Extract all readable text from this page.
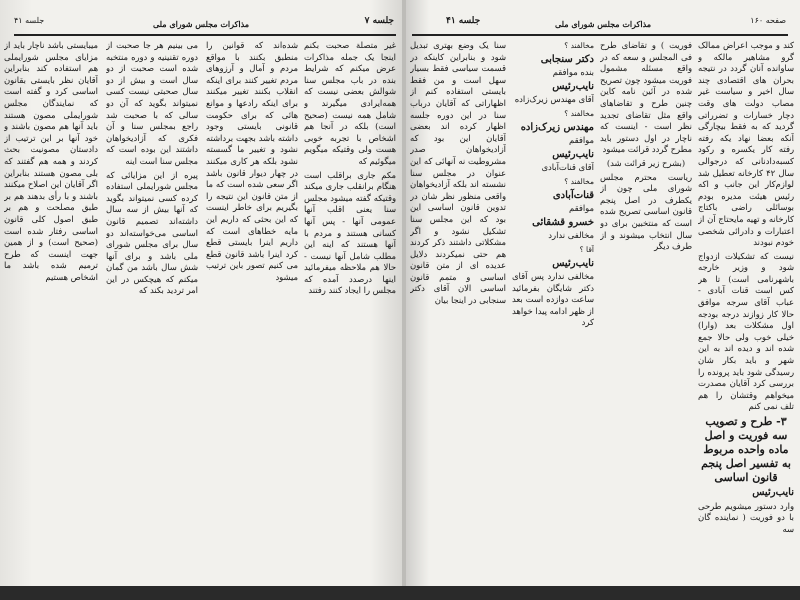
جلسه ۷
مذاکرات مجلس شورای ملی
جلسه ۴۱

غیر متصلة صحبت بکنم اینجا یک جمله مذاکرات عرض میکنم که شرایط بنده در باب مجلس سنا شوالش بعضی نیست که همه‌ایرادی میگیرند و شامل همه نیست (صحیح است) بلکه در آنجا هم اشخاص با تجربه خوبی هست ولی وقتیکه میگویم میگوئیم که

مکم جاری براقلب است هنگام برانقلب جاری میکند وقتیکه گفته میشود مجلس سنا یعنی اقلب آنها عمومی آنها - پس آنها کسانی هستند و مردم با آنها هستند که اینه این مطلب شامل آنها نیست - حالا هم ملاحظه میفرمائید اینها درصدد آمده که مجلس را ایجاد کنند رفتند

شده‌اند که قوانین را منطبق بکنند با مواقع مردم و آمال و آرزوهای مردم تغییر کنند برای اینکه انقلاب بکنند تغییر میکنند برای اینکه رادعها و موانع هائی که برای حکومت قانونی بایستی وجود داشته باشد بجهت برداشته نشود و تغییر ما گسسته نشود بلکه هر کاری میکنند در چهار دیوار قانون باشد اگر سعی شده است که ما از متن قانون این نتیجه را بگیریم برای خاطر اینست که این بحثی که داریم این مایه خطاهای است که داریم اینرا بایستی قطع کرد اینرا باشد قانون قطع می کنیم تصور باین ترتیب میشود

می بینیم هر جا صحبت از دوره تقنینیه و دوره منتخبه شده است صحبت از دو سال است و بیش از دو سال صحبتی نیست کسی نمیتواند بگوید که آن دو سالی که با صحبت شد راجع بمجلس سنا و آن فکری که آزادیخواهان داشتند این بوده است که مجلس سنا است اینه

پیره از این مزایائی که مجلس شورایملی استفاده کرده کسی نمیتواند بگوید که آنها بیش از سه سال داشته‌اند تصمیم قانون اساسی می‌خواسته‌اند دو سال برای مجلس شورای ملی باشد و برای آنها شش سال باشد من گمان میکنم که هیچکس در این امر تردید بکند که

میبایستی باشد ناچار باید از مزایای مجلس شورایملی هم استفاده کند بنابراین آقایان نظر بایستی بقانون اساسی کرد و گفته است که نمایندگان مجلس شورایملی مصون هستند باید آنها هم مصون باشند و خود آنها بر این ترتیب از دادستان مصونیت بحث کردند و همه هم گفتند که بلی مصون هستند بنابراین اگر آقایان این اصلاح میکنند باشند و با رأی بدهند هم بر طبق مصلحت و هم بر طبق اصول کلی قانون اساسی رفتار شده است (صحیح است) و از همین جهت اینست که طرح ترمیم شده باشد ما اشخاص هستیم

صفحه ۱۶۰
مذاکرات مجلس شورای ملی
جلسه ۴۱

کند و موجب اعراض ممالک گرو مشاهیر مالکه و ساوانده آنان گردد در نتیجه بحران های اقتصادی چند سال اخیر و سیاست غیر مصاب دولت های وقت دچار خسارات و تضرراتی گردید که به فقط بیچارگی آنکه بعضا نهاد یکه رفته رفته کار یکسره و رکود کسبه‌دادنانی که درجوالی سال ۴۲ کارخانه تعطیل شد لوازم‌کار این جانب و اکه رئیس هیئت مدیره بودم بوسائلی راضی باکتاج کارخانه و تهیه مایحتاج آن از اعتبارات و دادرائی شخصی خودم نبودند

نیست که تشکیلات ازدواج شود و وزیر خارجه باشهرنامی است) تا هر کس است قنات آبادی - عباب آقای سرجه موافق حالا کار زوازند درجه بودجه اول مشکلات بعد (وارا) خیلی خوب ولی حالا جمع شده اند و دیده اند به این شهر و باید بکار شان رسیدگی شود باید پرونده را بررسی کرد آقایان مصدرت میخواهم وقتشان را هم تلف نمی کنم

۳- طرح و تصویب سه فوریت و اصل ماده واحده مربوط به تفسیر اصل پنجم قانون اساسی

نایب‌رئیس

وارد دستور میشویم طرحی با دو فوریت ( نماینده گان سه

فوریت ) و تقاضای طرح فی المجلس و سعه که در واقع مسئله مشمول فوریت میشود چون تصریح شده در آئین نامه کاین چنین طرح و تقاضاهای واقع مثل تقاضای تجدید نظر است - اینست که ناچار در اول دستور باید مطرح گردد قرائت میشود

(بشرح زیر قرائت شد)

ریاست محترم مجلس شورای ملی چون از یکطرف در اصل پنجم قانون اساسی تصریح شده است که منتخبین برای دو سال انتخاب میشوند و از طرف دیگر

مخالفند ؟

دکتر سنجابی

بنده موافقم

نایب‌رئیس

آقای مهندس زیرک‌زاده

مخالفند ؟

مهندس زیرک‌زاده

موافقم

نایب‌رئیس

آقای قنات‌آبادی

مخالفند ؟

قنات‌آبادی

موافقم

خسرو قشقائی

مخالفی ندارد

آقا ؟

نایب‌رئیس

مخالفی ندارد پس آقای دکتر شایگان بفرمائید ساعت دوازده است بعد از ظهر ادامه پیدا خواهد کرد

سنا یک وضع بهتری تبدیل شود و بنابراین کاینکه در قسمت سیاسی فقط بسیار سهل است و من فقط بایستی استفاده کنم از اظهاراتی که آقایان درباب سنا در این دوره جلسه اظهار کرده اند بعضی آقایان این بود که آزادیخواهان صدر مشروطیت نه آنهائی که این عنوان در مجلس سنا نشسته اند بلکه آزادیخواهان واقعی منظور نظر شان در تدوین قانون اساسی این بود که این مجلس سنا تشکیل نشود و اگر مشکلاتی داشتند ذکر کردند هم حتی نمیکردند دلایل عدیده ای از متن قانون اساسی و متمم قانون اساسی الان آقای دکتر سنجابی در اینجا بیان
